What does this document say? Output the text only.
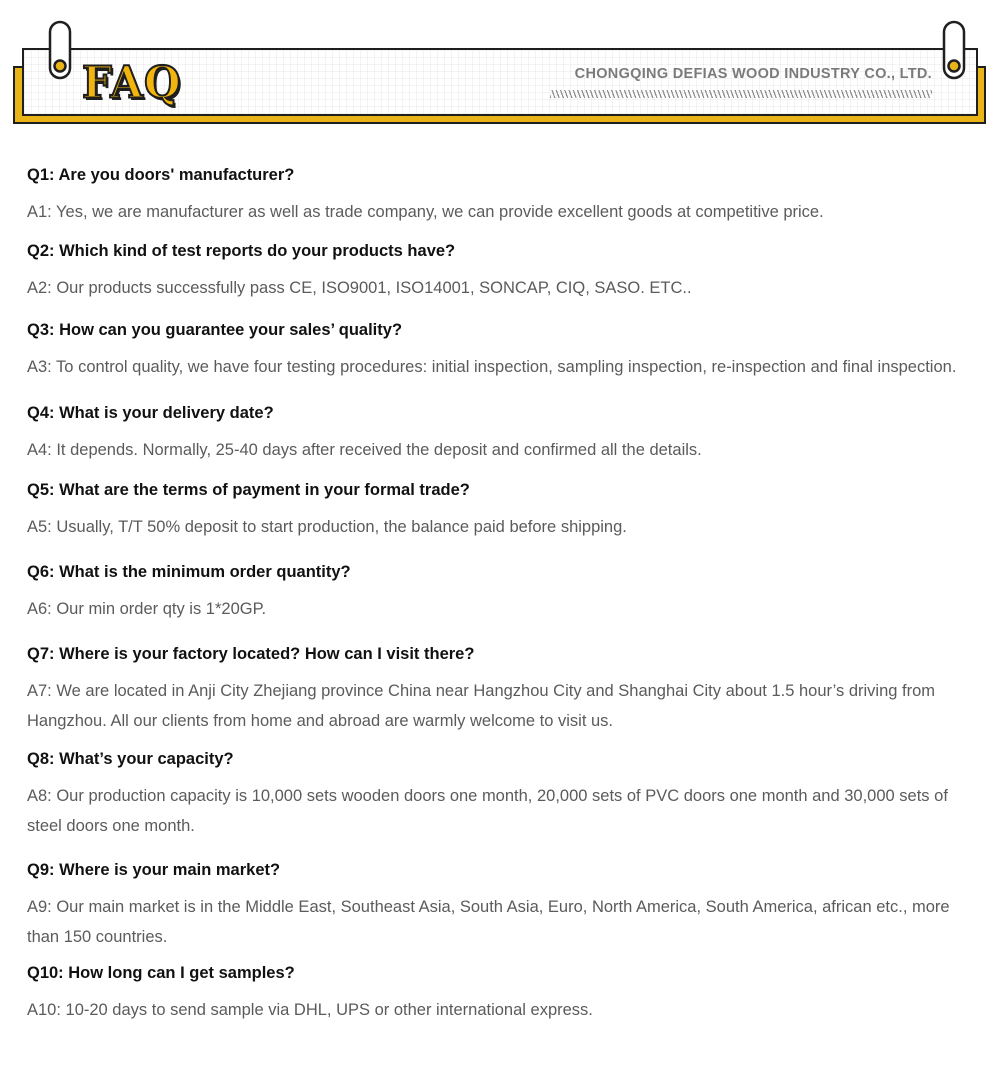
FAQ	CHONGQING DEFIAS WOOD INDUSTRY CO., LTD.
Q1: Are you doors' manufacturer?
A1: Yes, we are manufacturer as well as trade company, we can provide excellent goods at competitive price.
Q2: Which kind of test reports do your products have?
A2: Our products successfully pass CE, ISO9001, ISO14001, SONCAP, CIQ, SASO. ETC..
Q3: How can you guarantee your sales’ quality?
A3: To control quality, we have four testing procedures: initial inspection, sampling inspection, re-inspection and final inspection.
Q4: What is your delivery date?
A4: It depends. Normally, 25-40 days after received the deposit and confirmed all the details.
Q5: What are the terms of payment in your formal trade?
A5: Usually, T/T 50% deposit to start production, the balance paid before shipping.
Q6: What is the minimum order quantity?
A6: Our min order qty is 1*20GP.
Q7: Where is your factory located? How can I visit there?
A7: We are located in Anji City Zhejiang province China near Hangzhou City and Shanghai City about 1.5 hour’s driving from Hangzhou. All our clients from home and abroad are warmly welcome to visit us.
Q8: What’s your capacity?
A8: Our production capacity is 10,000 sets wooden doors one month, 20,000 sets of PVC doors one month and 30,000 sets of steel doors one month.
Q9: Where is your main market?
A9: Our main market is in the Middle East, Southeast Asia, South Asia, Euro, North America, South America, african etc., more than 150 countries.
Q10: How long can I get samples?
A10: 10-20 days to send sample via DHL, UPS or other international express.
